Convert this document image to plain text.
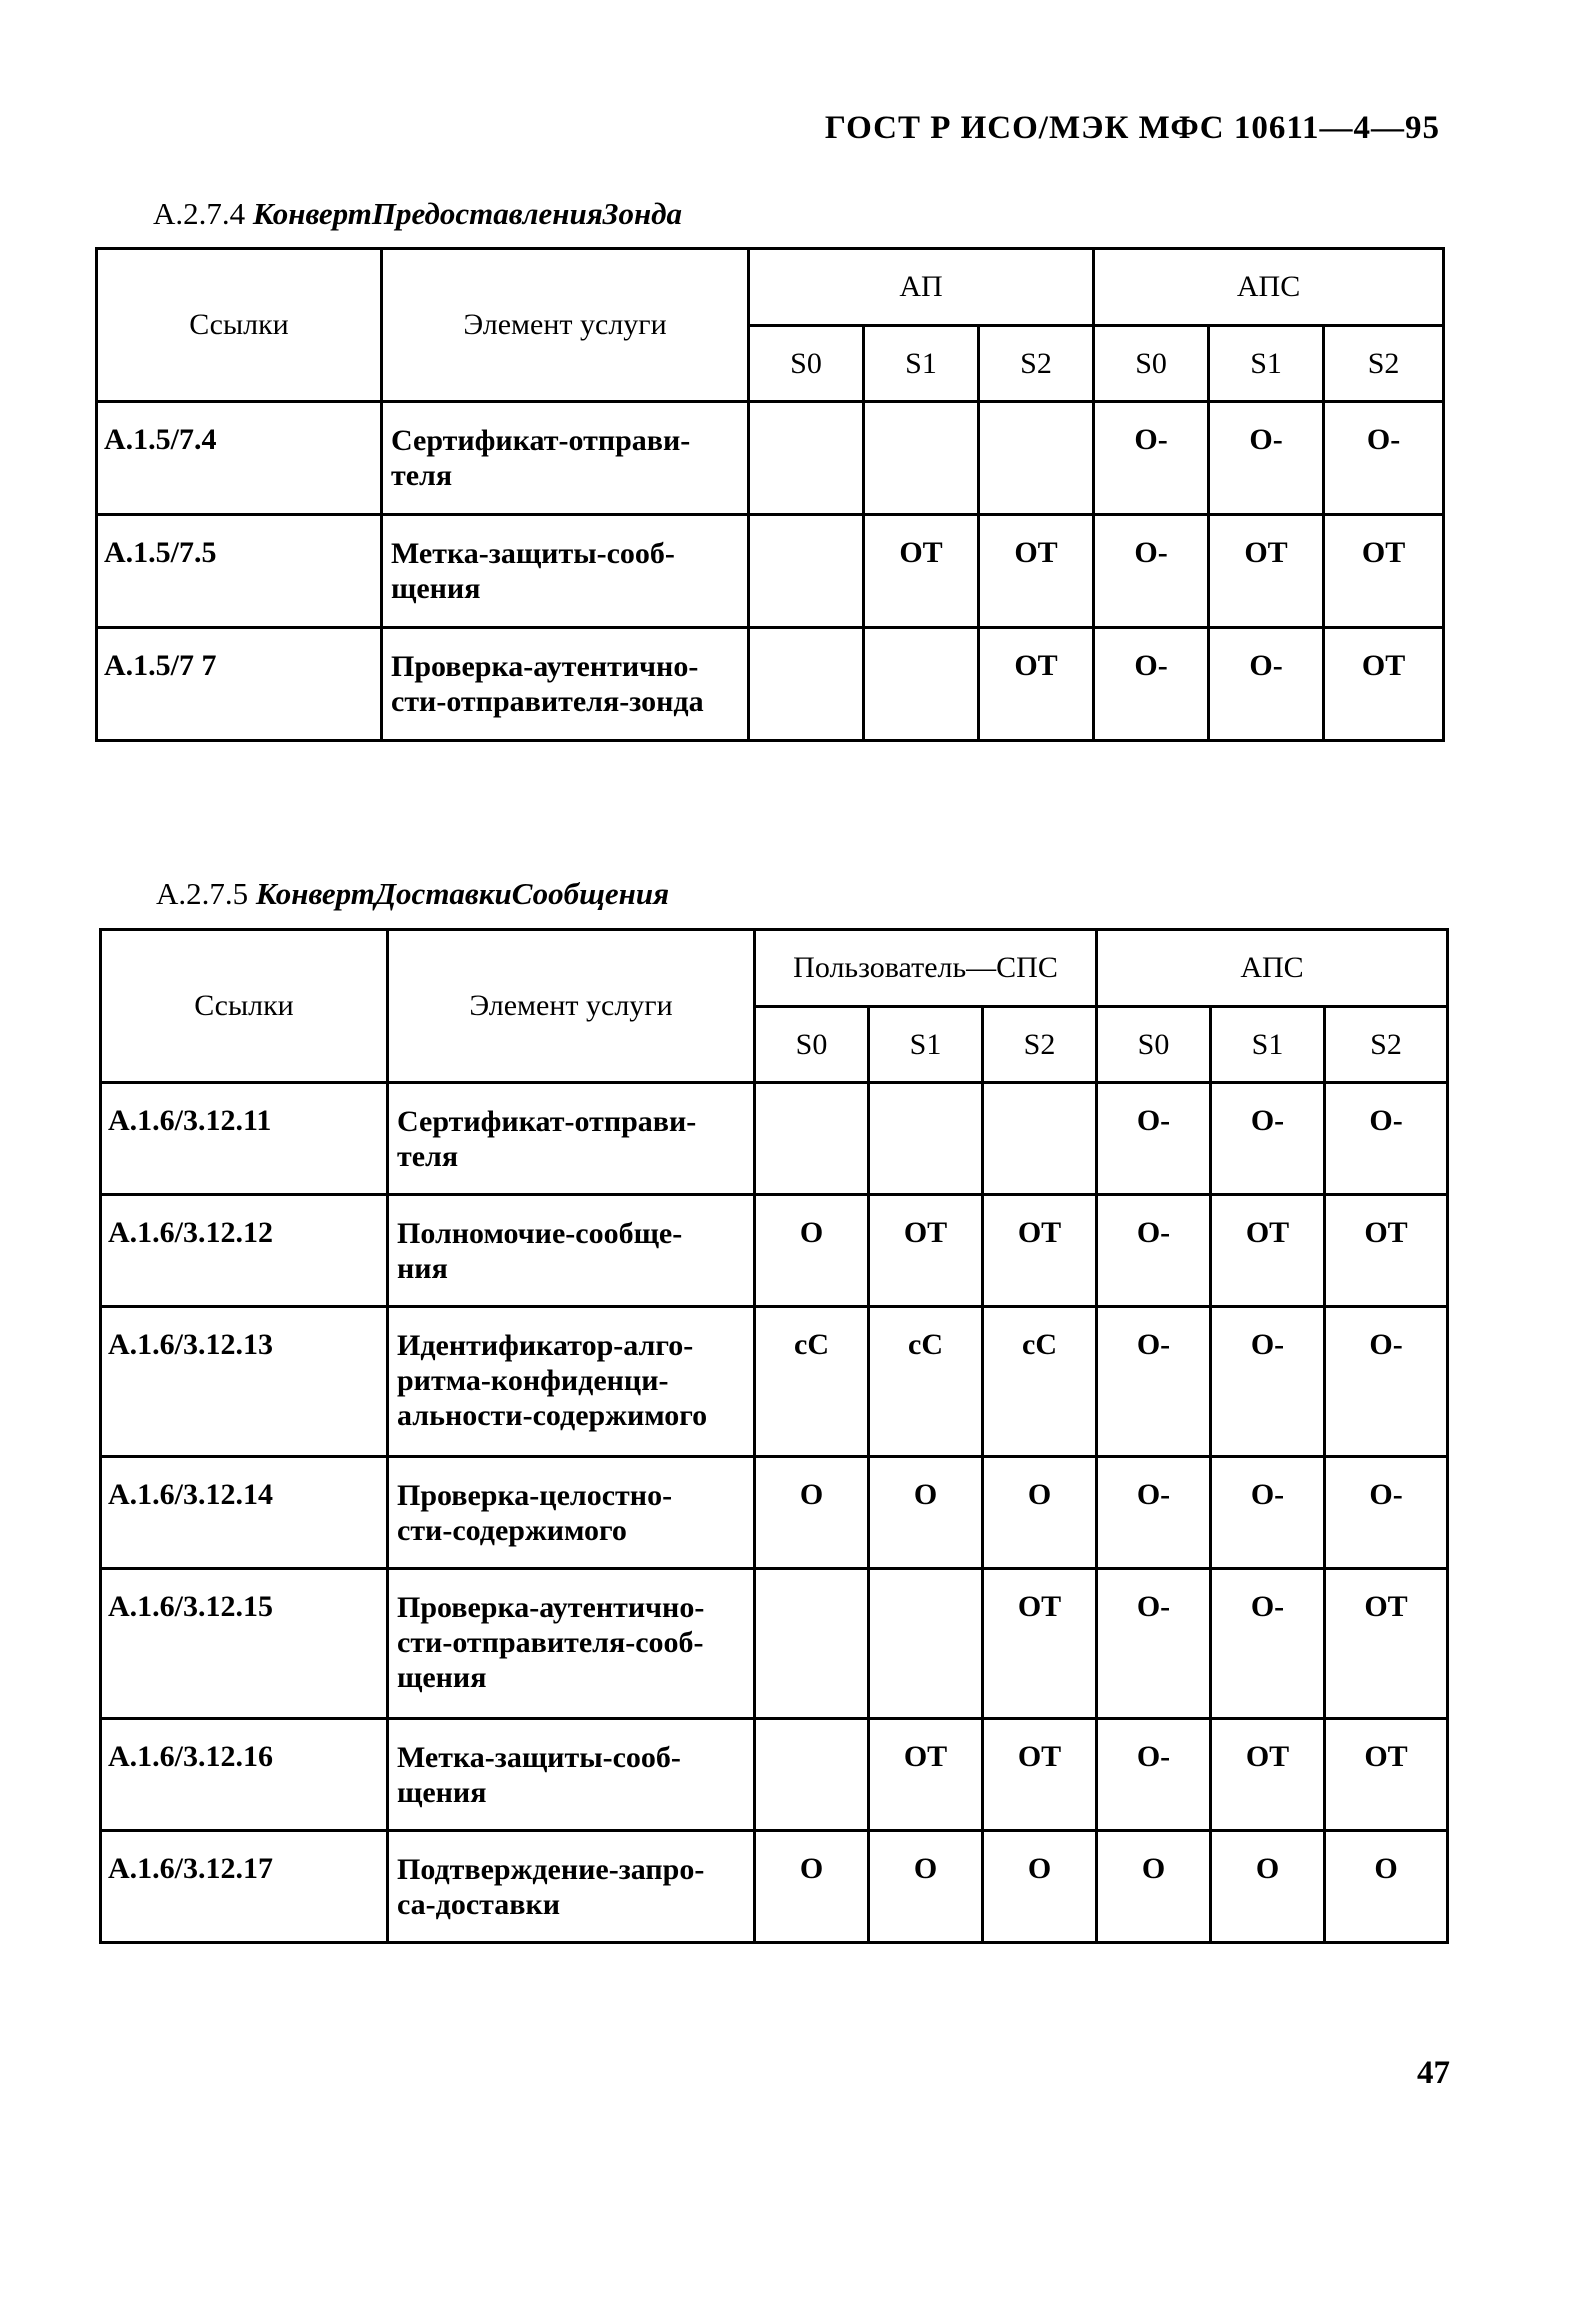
ГОСТ Р ИСО/МЭК МФС 10611—4—95
А.2.7.4 КонвертПредоставленияЗонда
Ссылки	Элемент услуги	АП			АПС		
		S0	S1	S2	S0	S1	S2
А.1.5/7.4	Сертификат-отправи-
теля				О-	О-	О-
А.1.5/7.5	Метка-защиты-сооб-
щения		ОТ	ОТ	О-	ОТ	ОТ
А.1.5/7 7	Проверка-аутентично-
сти-отправителя-зонда			ОТ	О-	О-	ОТ
А.2.7.5 КонвертДоставкиСообщения
Ссылки	Элемент услуги	Пользователь—СПС			АПС		
		S0	S1	S2	S0	S1	S2
А.1.6/3.12.11	Сертификат-отправи-
теля				О-	О-	О-
А.1.6/3.12.12	Полномочие-сообще-
ния	О	ОТ	ОТ	О-	ОТ	ОТ
А.1.6/3.12.13	Идентификатор-алго-
ритма-конфиденци-
альности-содержимого	сС	сС	сС	О-	О-	О-
А.1.6/3.12.14	Проверка-целостно-
сти-содержимого	О	О	О	О-	О-	О-
А.1.6/3.12.15	Проверка-аутентично-
сти-отправителя-сооб-
щения			ОТ	О-	О-	ОТ
А.1.6/3.12.16	Метка-защиты-сооб-
щения		ОТ	ОТ	О-	ОТ	ОТ
А.1.6/3.12.17	Подтверждение-запро-
са-доставки	О	О	О	О	О	О
47
